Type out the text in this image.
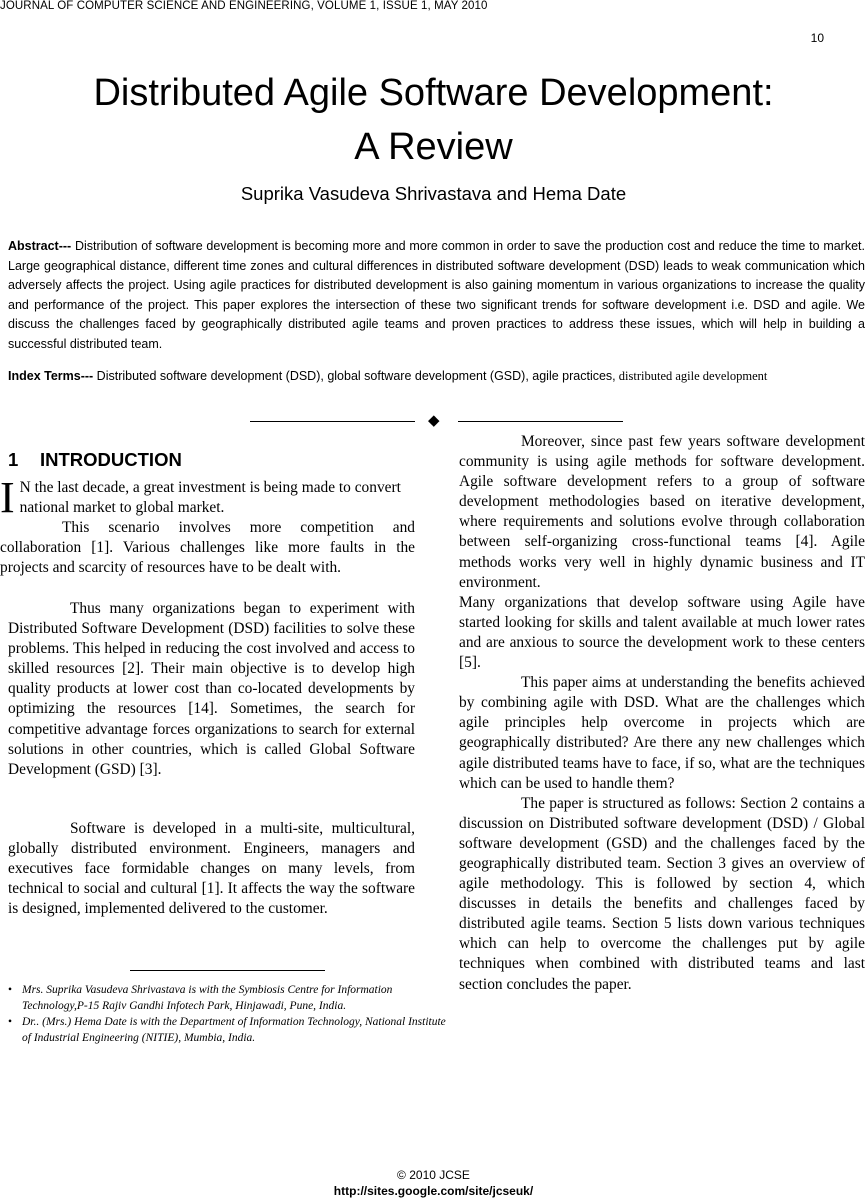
JOURNAL OF COMPUTER SCIENCE AND ENGINEERING, VOLUME 1, ISSUE 1, MAY 2010
10
Distributed Agile Software Development:
A Review
Suprika Vasudeva Shrivastava and Hema Date
Abstract--- Distribution of software development is becoming more and more common in order to save the production cost and reduce the time to market. Large geographical distance, different time zones and cultural differences in distributed software development (DSD) leads to weak communication which adversely affects the project. Using agile practices for distributed development is also gaining momentum in various organizations to increase the quality and performance of the project. This paper explores the intersection of these two significant trends for software development i.e. DSD and agile. We discuss the challenges faced by geographically distributed agile teams and proven practices to address these issues, which will help in building a successful distributed team.
Index Terms--- Distributed software development (DSD), global software development (GSD), agile practices, distributed agile development
◆
1 INTRODUCTION
I N the last decade, a great investment is being made to convert national market to global market.

This scenario involves more competition and collaboration [1]. Various challenges like more faults in the projects and scarcity of resources have to be dealt with.

Thus many organizations began to experiment with Distributed Software Development (DSD) facilities to solve these problems. This helped in reducing the cost involved and access to skilled resources [2]. Their main objective is to develop high quality products at lower cost than co-located developments by optimizing the resources [14]. Sometimes, the search for competitive advantage forces organizations to search for external solutions in other countries, which is called Global Software Development (GSD) [3].

Software is developed in a multi-site, multicultural, globally distributed environment. Engineers, managers and executives face formidable changes on many levels, from technical to social and cultural [1]. It affects the way the software is designed, implemented delivered to the customer.

• Mrs. Suprika Vasudeva Shrivastava is with the Symbiosis Centre for Information Technology,P-15 Rajiv Gandhi Infotech Park, Hinjawadi, Pune, India.
• Dr.. (Mrs.) Hema Date is with the Department of Information Technology, National Institute of Industrial Engineering (NITIE), Mumbia, India.

Moreover, since past few years software development community is using agile methods for software development. Agile software development refers to a group of software development methodologies based on iterative development, where requirements and solutions evolve through collaboration between self-organizing cross-functional teams [4]. Agile methods works very well in highly dynamic business and IT environment.

Many organizations that develop software using Agile have started looking for skills and talent available at much lower rates and are anxious to source the development work to these centers [5].

This paper aims at understanding the benefits achieved by combining agile with DSD. What are the challenges which agile principles help overcome in projects which are geographically distributed? Are there any new challenges which agile distributed teams have to face, if so, what are the techniques which can be used to handle them?

The paper is structured as follows: Section 2 contains a discussion on Distributed software development (DSD) / Global software development (GSD) and the challenges faced by the geographically distributed team. Section 3 gives an overview of agile methodology. This is followed by section 4, which discusses in details the benefits and challenges faced by distributed agile teams. Section 5 lists down various techniques which can help to overcome the challenges put by agile techniques when combined with distributed teams and last section concludes the paper.

© 2010 JCSE
http://sites.google.com/site/jcseuk/
